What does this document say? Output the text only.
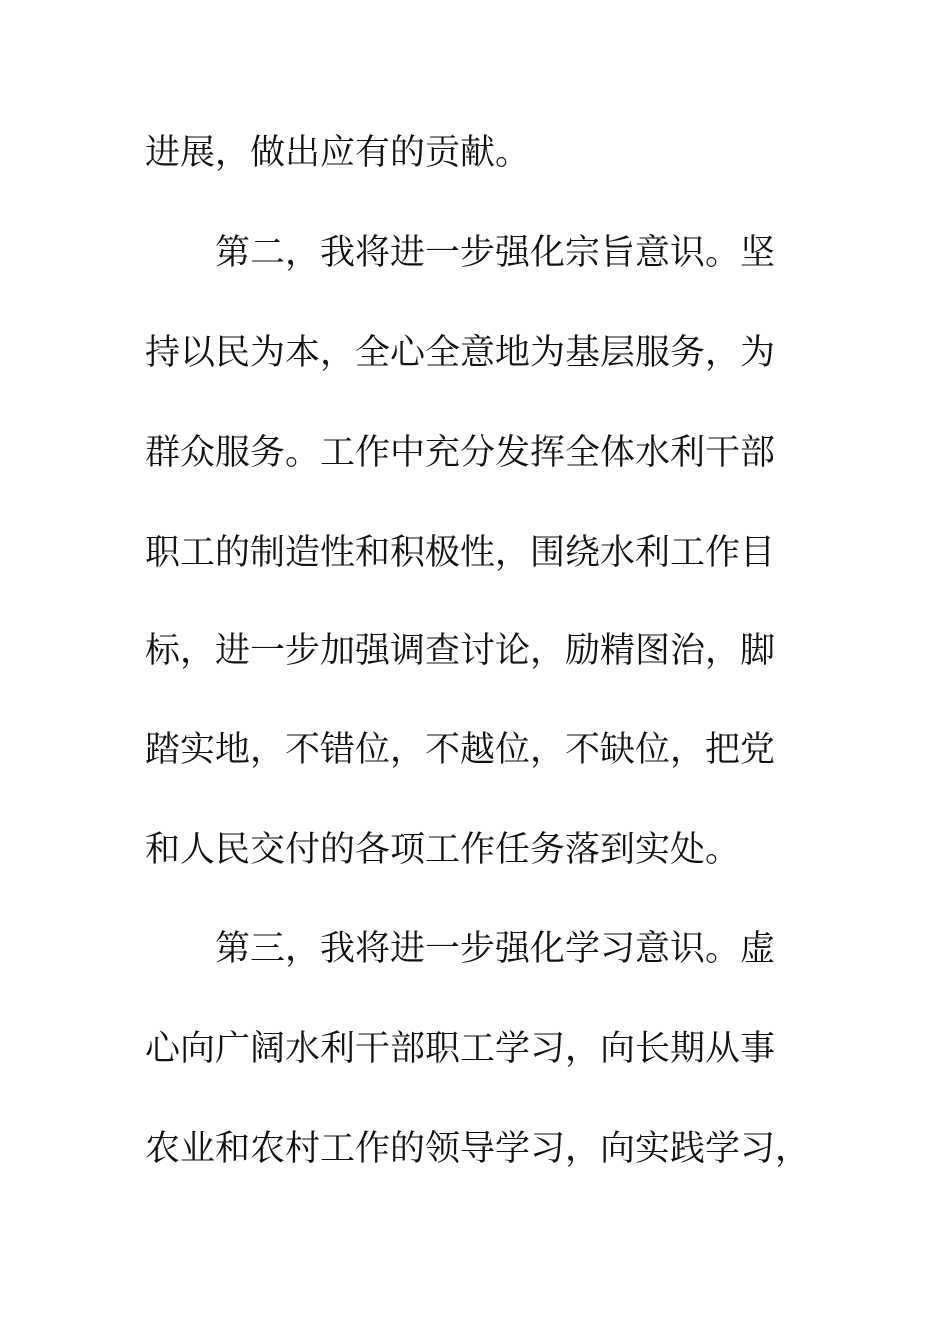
进展，做出应有的贡献。
第二，我将进一步强化宗旨意识。坚
持以民为本，全心全意地为基层服务，为
群众服务。工作中充分发挥全体水利干部
职工的制造性和积极性，围绕水利工作目
标，进一步加强调查讨论，励精图治，脚
踏实地，不错位，不越位，不缺位，把党
和人民交付的各项工作任务落到实处。
第三，我将进一步强化学习意识。虚
心向广阔水利干部职工学习，向长期从事
农业和农村工作的领导学习，向实践学习，
